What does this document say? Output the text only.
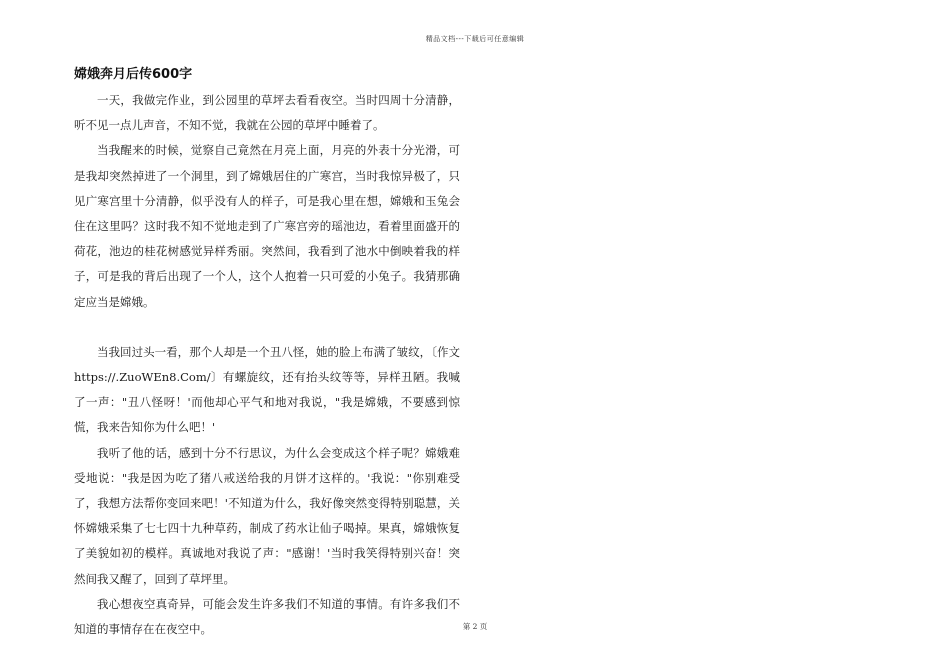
精品文档---下载后可任意编辑
嫦娥奔月后传600字

一天，我做完作业，到公园里的草坪去看看夜空。当时四周十分清静，听不见一点儿声音，不知不觉，我就在公园的草坪中睡着了。

当我醒来的时候，觉察自己竟然在月亮上面，月亮的外表十分光滑，可是我却突然掉进了一个洞里，到了嫦娥居住的广寒宫，当时我惊异极了，只见广寒宫里十分清静，似乎没有人的样子，可是我心里在想，嫦娥和玉兔会住在这里吗？这时我不知不觉地走到了广寒宫旁的瑶池边，看着里面盛开的荷花，池边的桂花树感觉异样秀丽。突然间，我看到了池水中倒映着我的样子，可是我的背后出现了一个人，这个人抱着一只可爱的小兔子。我猜那确定应当是嫦娥。

当我回过头一看，那个人却是一个丑八怪，她的脸上布满了皱纹，〔作文https://.ZuoWEn8.Com/〕有螺旋纹，还有抬头纹等等，异样丑陋。我喊了一声："丑八怪呀！'而他却心平气和地对我说，"我是嫦娥，不要感到惊慌，我来告知你为什么吧！'

我听了他的话，感到十分不行思议，为什么会变成这个样子呢？嫦娥难受地说："我是因为吃了猪八戒送给我的月饼才这样的。'我说："你别难受了，我想方法帮你变回来吧！'不知道为什么，我好像突然变得特别聪慧，关怀嫦娥采集了七七四十九种草药，制成了药水让仙子喝掉。果真，嫦娥恢复了美貌如初的模样。真诚地对我说了声："感谢！'当时我笑得特别兴奋！突然间我又醒了，回到了草坪里。

我心想夜空真奇异，可能会发生许多我们不知道的事情。有许多我们不知道的事情存在在夜空中。	第 2 页
